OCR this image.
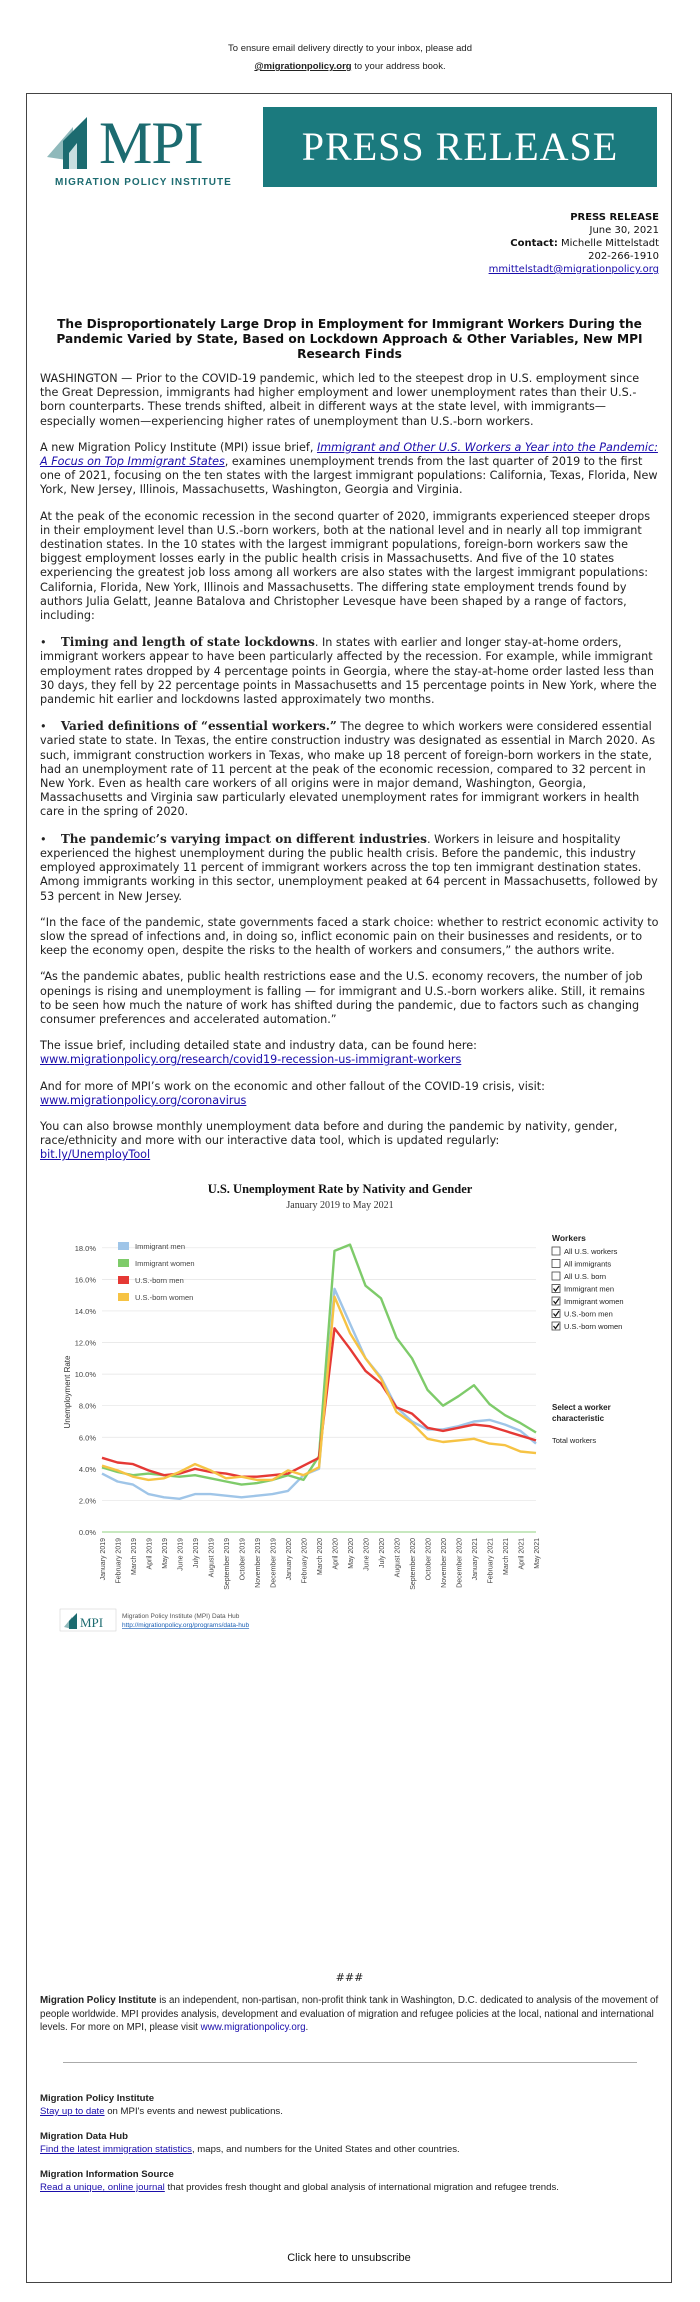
To ensure email delivery directly to your inbox, please add
@migrationpolicy.org to your address book.
MPI
MIGRATION POLICY INSTITUTE
PRESS RELEASE
PRESS RELEASE
June 30, 2021
Contact: Michelle Mittelstadt
202-266-1910
mmittelstadt@migrationpolicy.org

The Disproportionately Large Drop in Employment for Immigrant Workers During the Pandemic Varied by State, Based on Lockdown Approach & Other Variables, New MPI Research Finds

WASHINGTON — Prior to the COVID-19 pandemic, which led to the steepest drop in U.S. employment since the Great Depression, immigrants had higher employment and lower unemployment rates than their U.S.-born counterparts. These trends shifted, albeit in different ways at the state level, with immigrants—especially women—experiencing higher rates of unemployment than U.S.-born workers.

A new Migration Policy Institute (MPI) issue brief, Immigrant and Other U.S. Workers a Year into the Pandemic: A Focus on Top Immigrant States, examines unemployment trends from the last quarter of 2019 to the first one of 2021, focusing on the ten states with the largest immigrant populations: California, Texas, Florida, New York, New Jersey, Illinois, Massachusetts, Washington, Georgia and Virginia.

At the peak of the economic recession in the second quarter of 2020, immigrants experienced steeper drops in their employment level than U.S.-born workers, both at the national level and in nearly all top immigrant destination states. In the 10 states with the largest immigrant populations, foreign-born workers saw the biggest employment losses early in the public health crisis in Massachusetts. And five of the 10 states experiencing the greatest job loss among all workers are also states with the largest immigrant populations: California, Florida, New York, Illinois and Massachusetts. The differing state employment trends found by authors Julia Gelatt, Jeanne Batalova and Christopher Levesque have been shaped by a range of factors, including:

•    Timing and length of state lockdowns. In states with earlier and longer stay-at-home orders, immigrant workers appear to have been particularly affected by the recession. For example, while immigrant employment rates dropped by 4 percentage points in Georgia, where the stay-at-home order lasted less than 30 days, they fell by 22 percentage points in Massachusetts and 15 percentage points in New York, where the pandemic hit earlier and lockdowns lasted approximately two months.

•    Varied definitions of “essential workers.” The degree to which workers were considered essential varied state to state. In Texas, the entire construction industry was designated as essential in March 2020. As such, immigrant construction workers in Texas, who make up 18 percent of foreign-born workers in the state, had an unemployment rate of 11 percent at the peak of the economic recession, compared to 32 percent in New York. Even as health care workers of all origins were in major demand, Washington, Georgia, Massachusetts and Virginia saw particularly elevated unemployment rates for immigrant workers in health care in the spring of 2020.

•    The pandemic’s varying impact on different industries. Workers in leisure and hospitality experienced the highest unemployment during the public health crisis. Before the pandemic, this industry employed approximately 11 percent of immigrant workers across the top ten immigrant destination states. Among immigrants working in this sector, unemployment peaked at 64 percent in Massachusetts, followed by 53 percent in New Jersey.

“In the face of the pandemic, state governments faced a stark choice: whether to restrict economic activity to slow the spread of infections and, in doing so, inflict economic pain on their businesses and residents, or to keep the economy open, despite the risks to the health of workers and consumers,” the authors write.

“As the pandemic abates, public health restrictions ease and the U.S. economy recovers, the number of job openings is rising and unemployment is falling — for immigrant and U.S.-born workers alike. Still, it remains to be seen how much the nature of work has shifted during the pandemic, due to factors such as changing consumer preferences and accelerated automation.”

The issue brief, including detailed state and industry data, can be found here:
www.migrationpolicy.org/research/covid19-recession-us-immigrant-workers

And for more of MPI’s work on the economic and other fallout of the COVID-19 crisis, visit:
www.migrationpolicy.org/coronavirus

You can also browse monthly unemployment data before and during the pandemic by nativity, gender, race/ethnicity and more with our interactive data tool, which is updated regularly:
bit.ly/UnemployTool

U.S. Unemployment Rate by Nativity and Gender
January 2019 to May 2021
0.0%
2.0%
4.0%
6.0%
8.0%
10.0%
12.0%
14.0%
16.0%
18.0%
January 2019 February 2019 March 2019 April 2019 May 2019 June 2019 July 2019 August 2019 September 2019 October 2019 November 2019 December 2019 January 2020 February 2020 March 2020 April 2020 May 2020 June 2020 July 2020 August 2020 September 2020 October 2020 November 2020 December 2020 January 2021 February 2021 March 2021 April 2021 May 2021
Immigrant men
Immigrant women
U.S.-born men
U.S.-born women
Workers
All U.S. workers
All immigrants
All U.S. born
Immigrant men
Immigrant women
U.S.-born men
U.S.-born women
Select a worker
characteristic
Total workers
Unemployment Rate
MPI	Migration Policy Institute (MPI) Data Hub
http://migrationpolicy.org/programs/data-hub
###
Migration Policy Institute is an independent, non-partisan, non-profit think tank in Washington, D.C. dedicated to analysis of the movement of people worldwide. MPI provides analysis, development and evaluation of migration and refugee policies at the local, national and international levels. For more on MPI, please visit www.migrationpolicy.org.
Migration Policy Institute
Stay up to date on MPI's events and newest publications.
Migration Data Hub
Find the latest immigration statistics, maps, and numbers for the United States and other countries.
Migration Information Source
Read a unique, online journal that provides fresh thought and global analysis of international migration and refugee trends.
Click here to unsubscribe
